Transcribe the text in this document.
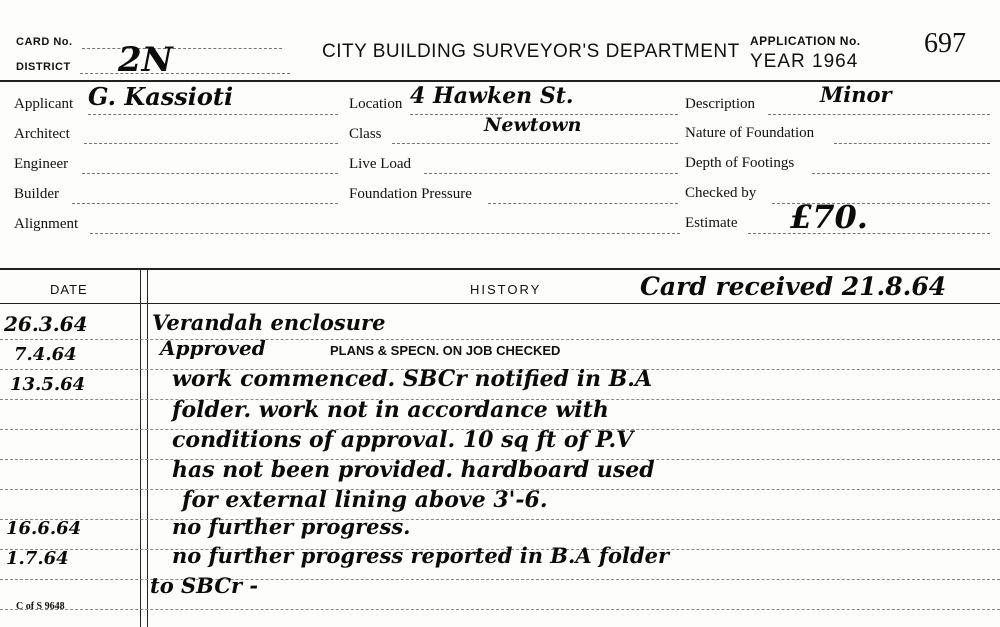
CARD No.
DISTRICT 2N	CITY BUILDING SURVEYOR'S DEPARTMENT APPLICATION No. 697
YEAR 1964
Applicant G. Kassioti
Architect
Engineer
Builder
Alignment
Location 4 Hawken St.
Class	Newtown
Live Load
Foundation Pressure
Description	Minor
Nature of Foundation
Depth of Footings
Checked by
Estimate £70.
DATE	HISTORY	Card received 21.8.64
26.3.64	Verandah enclosure
7.4.64	Approved	PLANS & SPECN. ON JOB CHECKED
13.5.64	work commenced. SBCr notified in B.A
folder. work not in accordance with
conditions of approval. 10 sq ft of P.V
has not been provided. hardboard used
for external lining above 3'-6.
16.6.64	no further progress.
1.7.64	no further progress reported in B.A folder
to SBCr -
C of S 9648
